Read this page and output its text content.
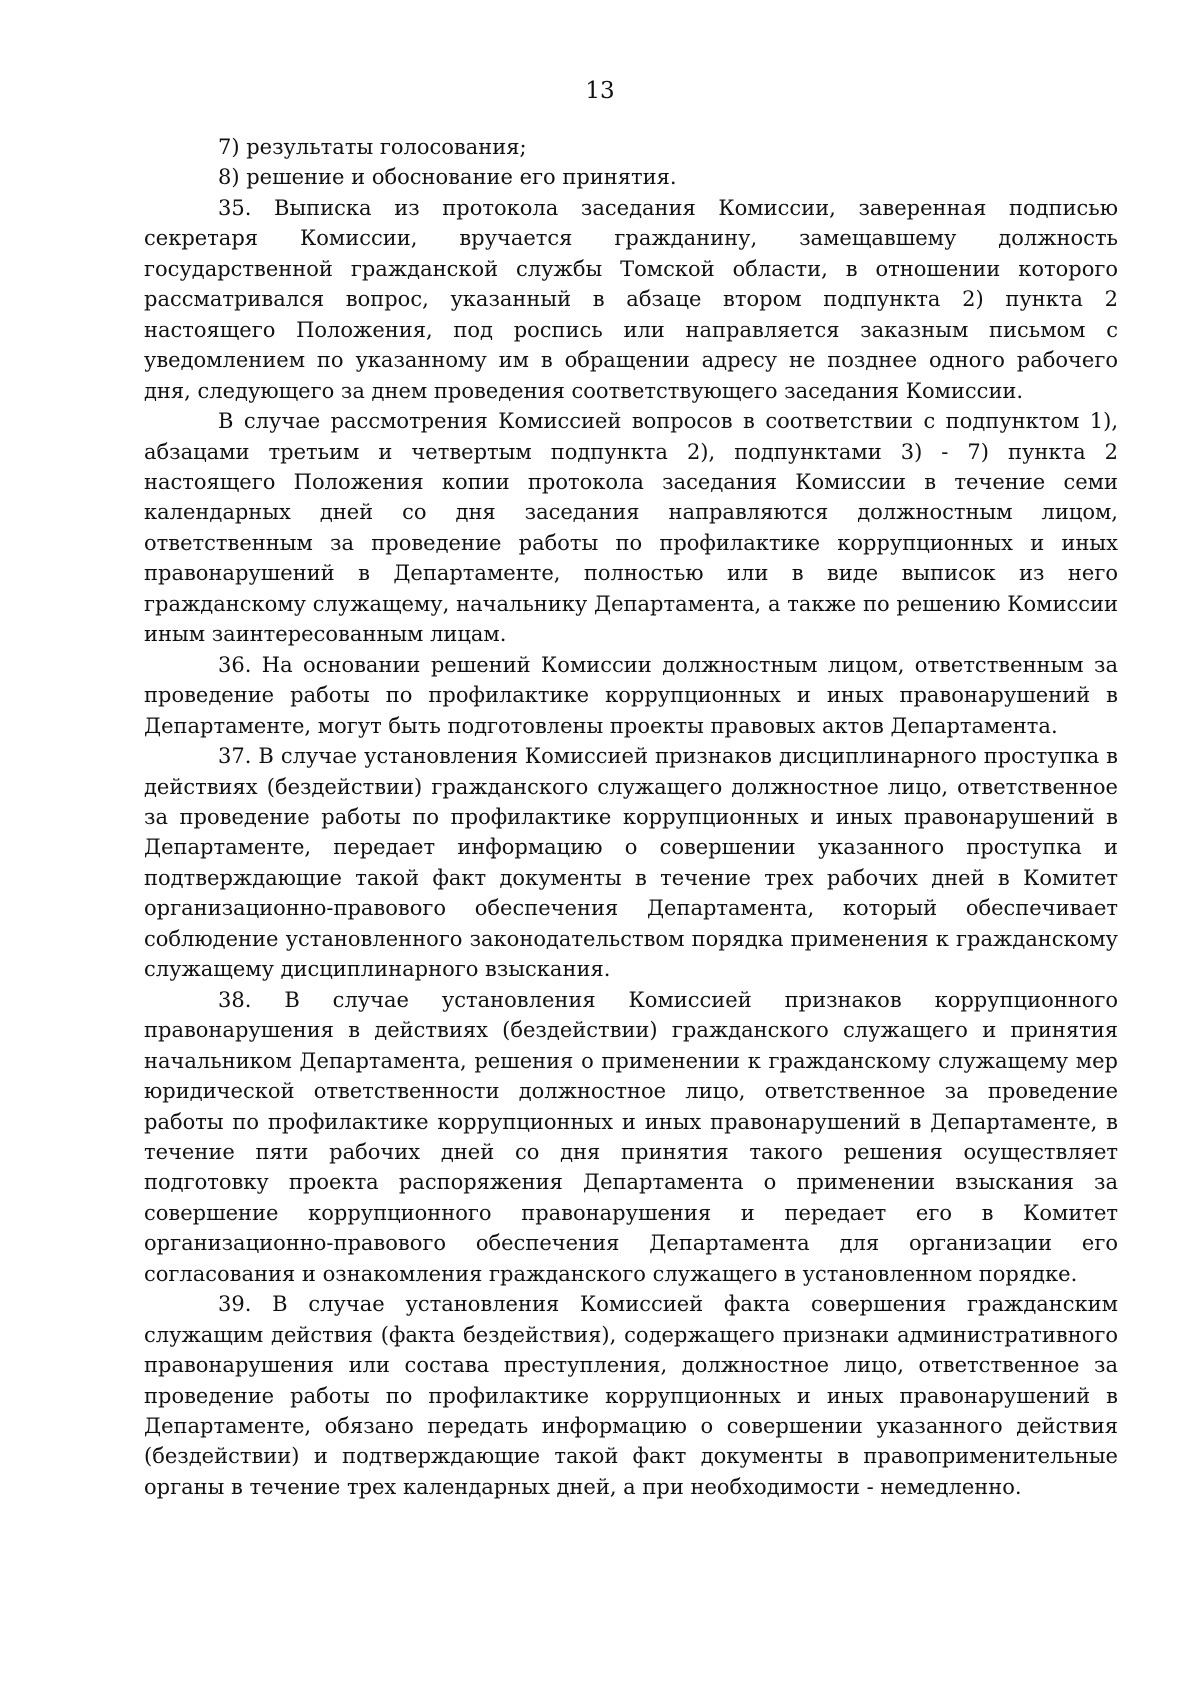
13

7) результаты голосования;

8) решение и обоснование его принятия.

35. Выписка из протокола заседания Комиссии, заверенная подписью секретаря Комиссии, вручается гражданину, замещавшему должность государственной гражданской службы Томской области, в отношении которого рассматривался вопрос, указанный в абзаце втором подпункта 2) пункта 2 настоящего Положения, под роспись или направляется заказным письмом с уведомлением по указанному им в обращении адресу не позднее одного рабочего дня, следующего за днем проведения соответствующего заседания Комиссии.

В случае рассмотрения Комиссией вопросов в соответствии с подпунктом 1), абзацами третьим и четвертым подпункта 2), подпунктами 3) - 7) пункта 2 настоящего Положения копии протокола заседания Комиссии в течение семи календарных дней со дня заседания направляются должностным лицом, ответственным за проведение работы по профилактике коррупционных и иных правонарушений в Департаменте, полностью или в виде выписок из него гражданскому служащему, начальнику Департамента, а также по решению Комиссии иным заинтересованным лицам.

36. На основании решений Комиссии должностным лицом, ответственным за проведение работы по профилактике коррупционных и иных правонарушений в Департаменте, могут быть подготовлены проекты правовых актов Департамента.

37. В случае установления Комиссией признаков дисциплинарного проступка в действиях (бездействии) гражданского служащего должностное лицо, ответственное за проведение работы по профилактике коррупционных и иных правонарушений в Департаменте, передает информацию о совершении указанного проступка и подтверждающие такой факт документы в течение трех рабочих дней в Комитет организационно-правового обеспечения Департамента, который обеспечивает соблюдение установленного законодательством порядка применения к гражданскому служащему дисциплинарного взыскания.

38. В случае установления Комиссией признаков коррупционного правонарушения в действиях (бездействии) гражданского служащего и принятия начальником Департамента, решения о применении к гражданскому служащему мер юридической ответственности должностное лицо, ответственное за проведение работы по профилактике коррупционных и иных правонарушений в Департаменте, в течение пяти рабочих дней со дня принятия такого решения осуществляет подготовку проекта распоряжения Департамента о применении взыскания за совершение коррупционного правонарушения и передает его в Комитет организационно-правового обеспечения Департамента для организации его согласования и ознакомления гражданского служащего в установленном порядке.

39. В случае установления Комиссией факта совершения гражданским служащим действия (факта бездействия), содержащего признаки административного правонарушения или состава преступления, должностное лицо, ответственное за проведение работы по профилактике коррупционных и иных правонарушений в Департаменте, обязано передать информацию о совершении указанного действия (бездействии) и подтверждающие такой факт документы в правоприменительные органы в течение трех календарных дней, а при необходимости - немедленно.
